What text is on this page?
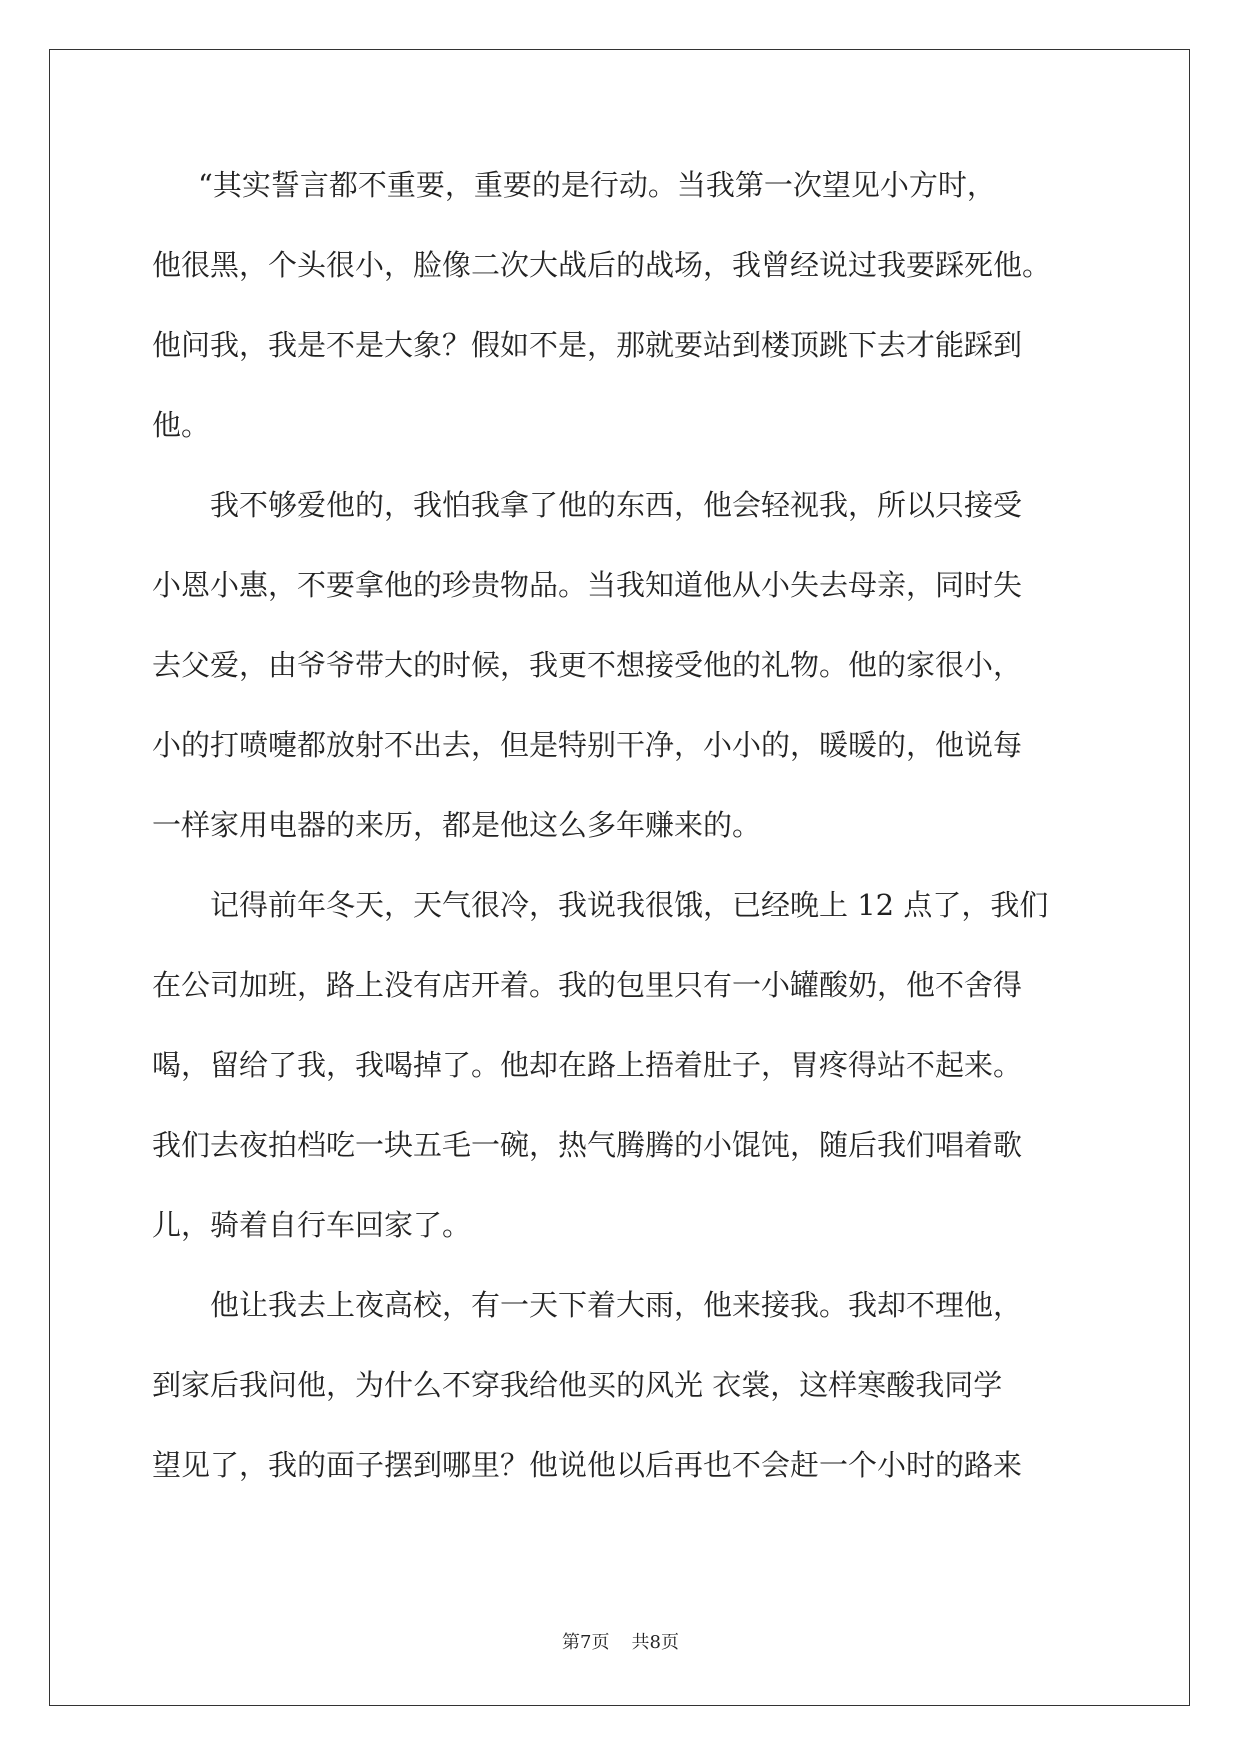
“其实誓言都不重要，重要的是行动。当我第一次望见小方时，
他很黑，个头很小，脸像二次大战后的战场，我曾经说过我要踩死他。
他问我，我是不是大象？假如不是，那就要站到楼顶跳下去才能踩到
他。
我不够爱他的，我怕我拿了他的东西，他会轻视我，所以只接受
小恩小惠，不要拿他的珍贵物品。当我知道他从小失去母亲，同时失
去父爱，由爷爷带大的时候，我更不想接受他的礼物。他的家很小，
小的打喷嚏都放射不出去，但是特别干净，小小的，暖暖的，他说每
一样家用电器的来历，都是他这么多年赚来的。
记得前年冬天，天气很冷，我说我很饿，已经晚上 12 点了，我们
在公司加班，路上没有店开着。我的包里只有一小罐酸奶，他不舍得
喝，留给了我，我喝掉了。他却在路上捂着肚子，胃疼得站不起来。
我们去夜拍档吃一块五毛一碗，热气腾腾的小馄饨，随后我们唱着歌
儿，骑着自行车回家了。
他让我去上夜高校，有一天下着大雨，他来接我。我却不理他，
到家后我问他，为什么不穿我给他买的风光 衣裳，这样寒酸我同学
望见了，我的面子摆到哪里？他说他以后再也不会赶一个小时的路来
第7页 共8页
